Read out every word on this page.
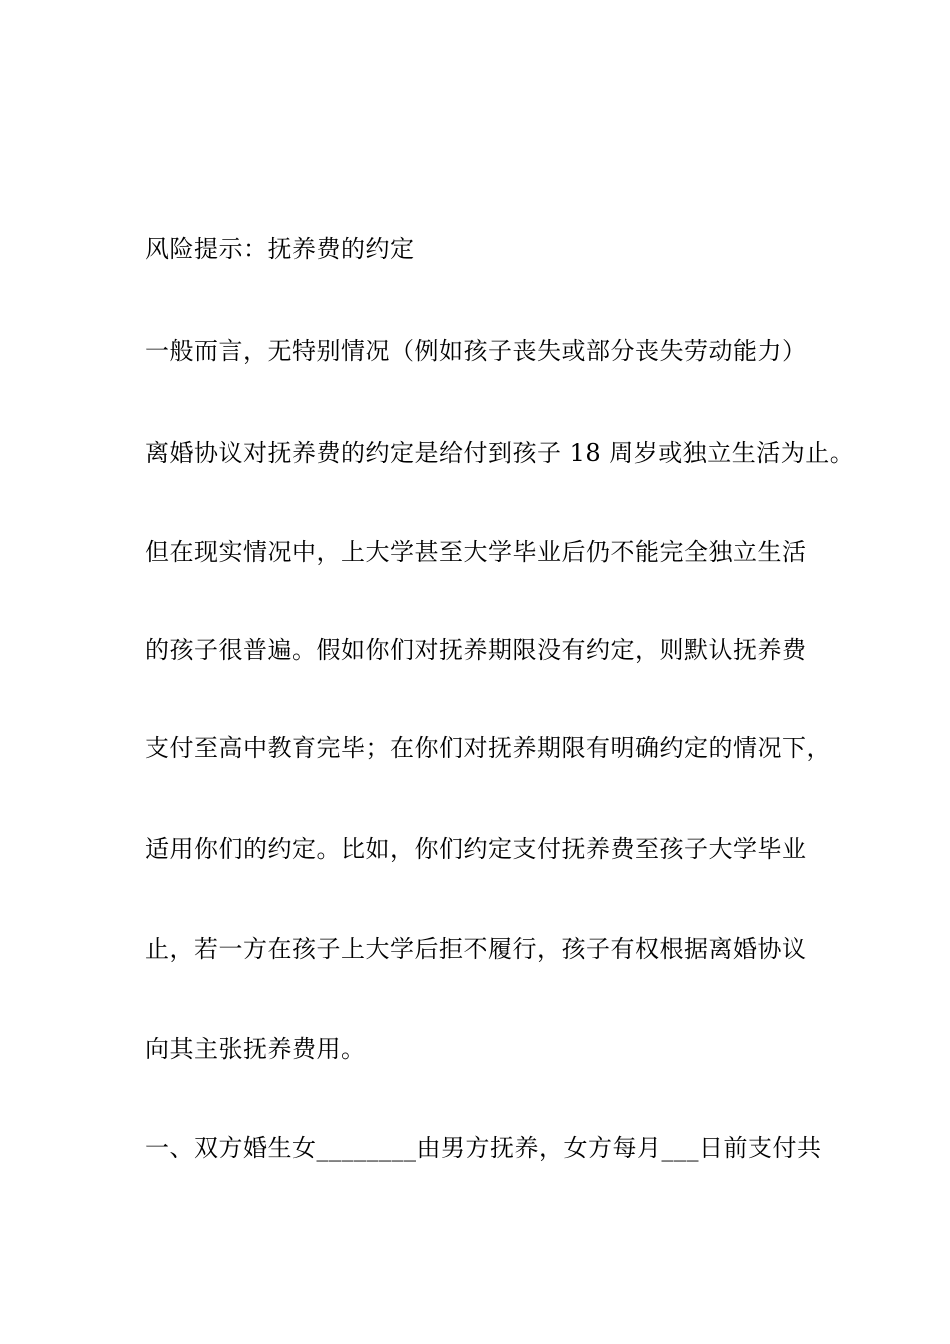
风险提示：抚养费的约定
一般而言，无特别情况（例如孩子丧失或部分丧失劳动能力）
离婚协议对抚养费的约定是给付到孩子 18 周岁或独立生活为止。
但在现实情况中，上大学甚至大学毕业后仍不能完全独立生活
的孩子很普遍。假如你们对抚养期限没有约定，则默认抚养费
支付至高中教育完毕；在你们对抚养期限有明确约定的情况下，
适用你们的约定。比如，你们约定支付抚养费至孩子大学毕业
止，若一方在孩子上大学后拒不履行，孩子有权根据离婚协议
向其主张抚养费用。
一、双方婚生女________由男方抚养，女方每月___日前支付共
